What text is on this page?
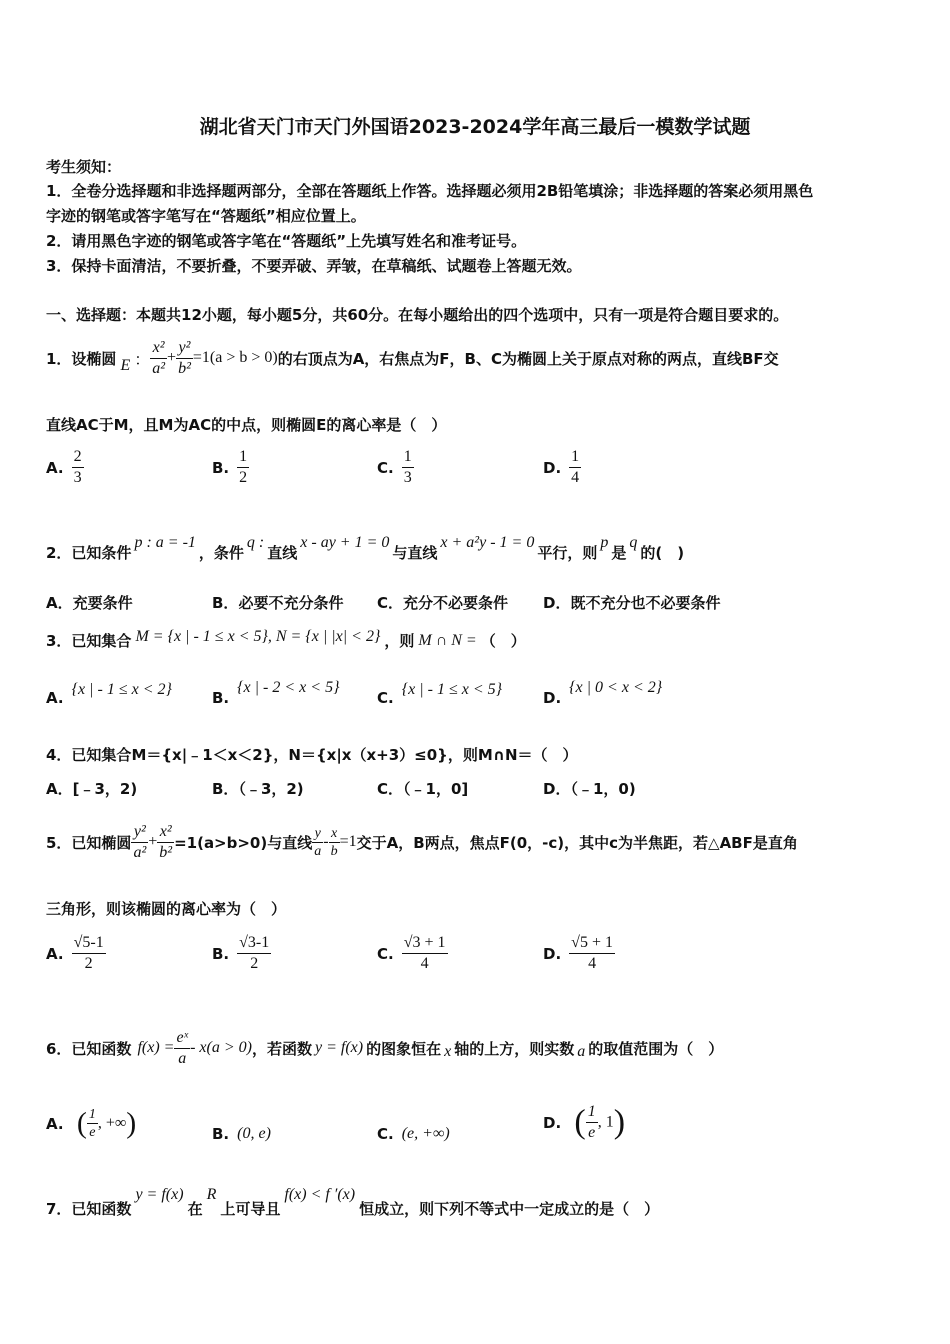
湖北省天门市天门外国语2023-2024学年高三最后一模数学试题
考生须知：
1．全卷分选择题和非选择题两部分，全部在答题纸上作答。选择题必须用2B铅笔填涂；非选择题的答案必须用黑色
字迹的钢笔或答字笔写在“答题纸”相应位置上。
2．请用黑色字迹的钢笔或答字笔在“答题纸”上先填写姓名和准考证号。
3．保持卡面清洁，不要折叠，不要弄破、弄皱，在草稿纸、试题卷上答题无效。
一、选择题：本题共12小题，每小题5分，共60分。在每小题给出的四个选项中，只有一项是符合题目要求的。
1．设椭圆 E ： $\frac{\text{x²}}{\text{a²}} + \frac{\text{y²}}{\text{b²}} =1(a > b > 0)$ 的右顶点为A，右焦点为F，B、C为椭圆上关于原点对称的两点，直线BF交
直线AC于M，且M为AC的中点，则椭圆E的离心率是（　）
A. $\frac{2}{3}$	B. $\frac{1}{2}$	C. $\frac{1}{3}$	D. $\frac{1}{4}$
2．已知条件
p : a = -1
，条件
q :
直线
x - ay + 1 = 0
与直线
x + a²y - 1 = 0
平行，则
p
是
q
的(　)
A．充要条件	B．必要不充分条件 C．充分不必要条件 D．既不充分也不必要条件
3．已知集合 M = {x | - 1 ≤ x < 5}, N = {x | |x| < 2} ，则 M ∩ N = （　）
A. {x | - 1 ≤ x < 2}	B.{x | - 2 < x < 5}
C. {x | - 1 ≤ x < 5}	D.{x | 0 < x < 2}
4．已知集合M＝{x|﹣1＜x＜2}，N＝{x|x（x+3）≤0}，则M∩N＝（　）
A．[﹣3，2)	B．（﹣3，2)	C．（﹣1，0]	D．（﹣1，0)
5．已知椭圆 $\frac{\text{y²}}{\text{a²}} + \frac{\text{x²}}{\text{b²}} =1(a>b>0)$与直线 $\frac{y}{a} - \frac{x}{b} =1$ 交于A，B两点，焦点F(0，-c)，其中c为半焦距，若△ABF是直角
三角形，则该椭圆的离心率为（　）
A. $\frac{√5-1}{2}$	B. $\frac{√3-1}{2}$	C. $\frac{√3 + 1}{4}$	D. $\frac{√5 + 1}{4}$
6．已知函数 $f(x) = \frac{\text{eˣ}}{a} - x(a > 0)$ ，若函数 y = f(x) 的图象恒在 x 轴的上方，则实数 a 的取值范围为（　）
A. ( $\frac{1}{e}$ , +∞)	B. (0, e)	C. (e, +∞)
D. ( $\frac{1}{e}$ , 1)
7．已知函数
y = f(x)
在
R
上可导且
f(x) < f ′(x)
恒成立，则下列不等式中一定成立的是（　）
